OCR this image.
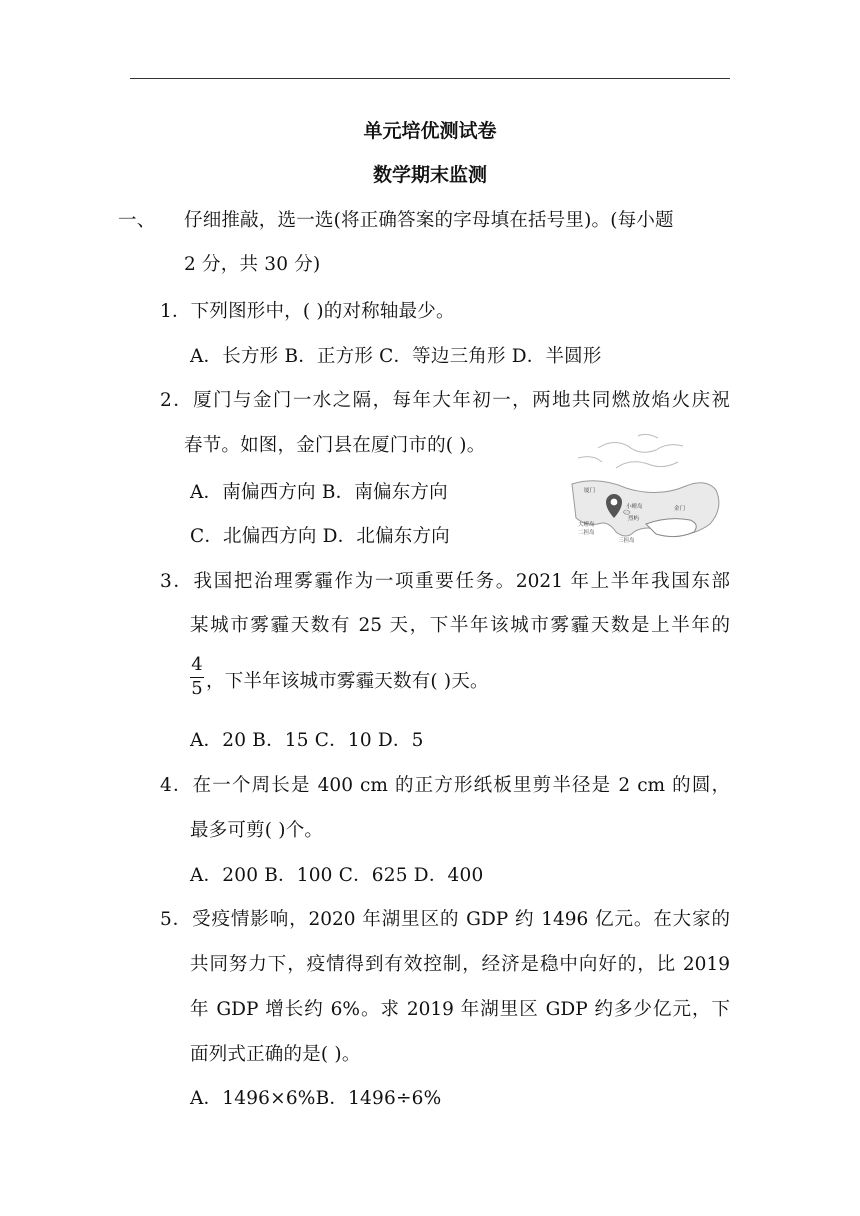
单元培优测试卷
数学期末监测
一、 仔细推敲，选一选(将正确答案的字母填在括号里)。(每小题
2 分，共 30 分)
1．下列图形中，( )的对称轴最少。
A．长方形 B．正方形 C．等边三角形 D．半圆形
2．厦门与金门一水之隔，每年大年初一，两地共同燃放焰火庆祝
春节。如图，金门县在厦门市的( )。
A．南偏西方向 B．南偏东方向
C．北偏西方向 D．北偏东方向
厦门
金门
大嶝岛
小嶝岛
二担岛
三担岛
烈屿
3．我国把治理雾霾作为一项重要任务。2021 年上半年我国东部
某城市雾霾天数有 25 天，下半年该城市雾霾天数是上半年的
4
5 ，下半年该城市雾霾天数有( )天。
A．20 B．15 C．10 D．5
4．在一个周长是 400 cm 的正方形纸板里剪半径是 2 cm 的圆，
最多可剪( )个。
A．200 B．100 C．625 D．400
5．受疫情影响，2020 年湖里区的 GDP 约 1496 亿元。在大家的
共同努力下，疫情得到有效控制，经济是稳中向好的，比 2019
年 GDP 增长约 6%。求 2019 年湖里区 GDP 约多少亿元，下
面列式正确的是( )。
A．1496×6%B．1496÷6%
